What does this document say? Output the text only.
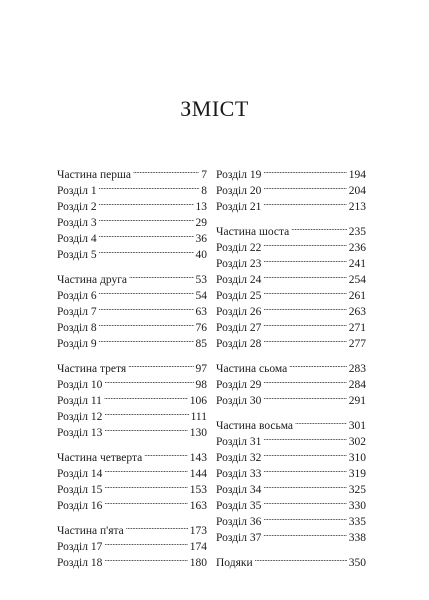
ЗМІСТ
Частина перша . . .	7
Розділ 1 . . .	8
Розділ 2 . . .	13
Розділ 3 . . .	29
Розділ 4 . . .	36
Розділ 5 . . .	40
Частина друга . . .	53
Розділ 6 . . .	54
Розділ 7 . . .	63
Розділ 8 . . .	76
Розділ 9 . . .	85
Частина третя . . .	97
Розділ 10 . . .	98
Розділ 11 . . .	106
Розділ 12 . . .	111
Розділ 13 . . .	130
Частина четверта . . .	143
Розділ 14 . . .	144
Розділ 15 . . .	153
Розділ 16 . . .	163
Частина п'ята . . .	173
Розділ 17 . . .	174
Розділ 18 . . .	180
Розділ 19 . . .	194
Розділ 20 . . .	204
Розділ 21 . . .	213
Частина шоста . . .	235
Розділ 22 . . .	236
Розділ 23 . . .	241
Розділ 24 . . .	254
Розділ 25 . . .	261
Розділ 26 . . .	263
Розділ 27 . . .	271
Розділ 28 . . .	277
Частина сьома . . .	283
Розділ 29 . . .	284
Розділ 30 . . .	291
Частина восьма . . .	301
Розділ 31 . . .	302
Розділ 32 . . .	310
Розділ 33 . . .	319
Розділ 34 . . .	325
Розділ 35 . . .	330
Розділ 36 . . .	335
Розділ 37 . . .	338
Подяки . . .	350
